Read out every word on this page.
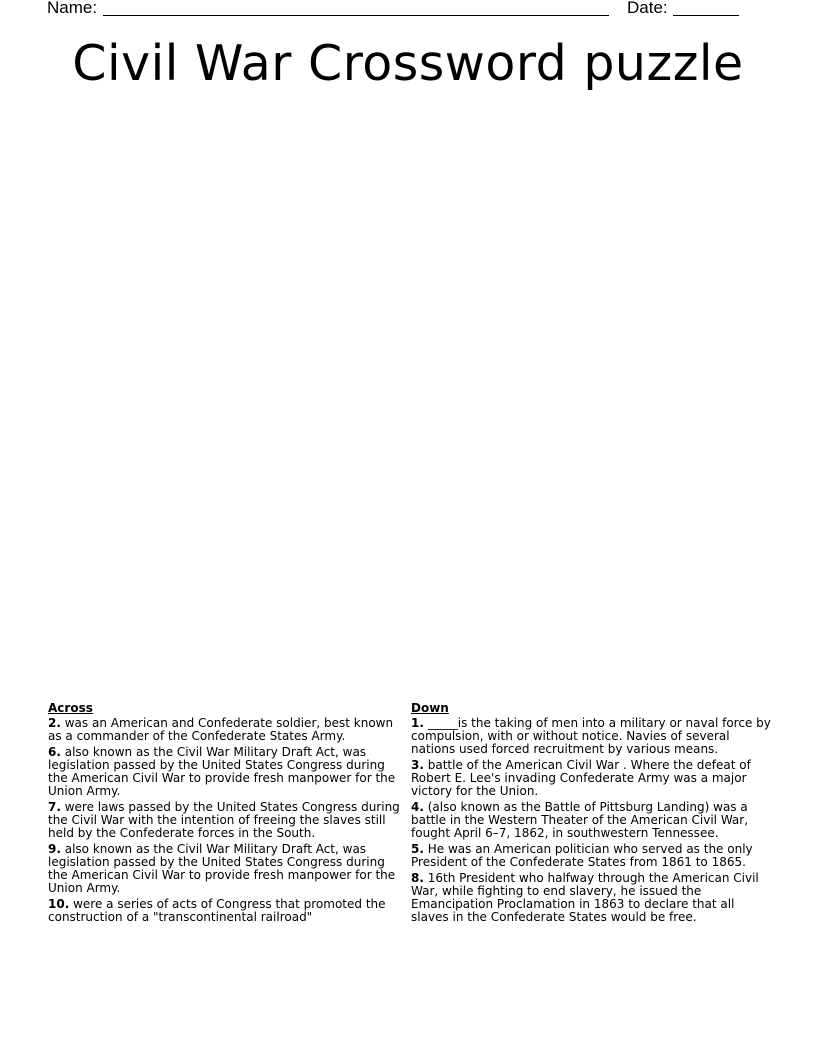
Name:	Date:
Civil War Crossword puzzle
Across
2. was an American and Confederate soldier, best known as a commander of the Confederate States Army.
6. also known as the Civil War Military Draft Act, was legislation passed by the United States Congress during the American Civil War to provide fresh manpower for the Union Army.
7. were laws passed by the United States Congress during the Civil War with the intention of freeing the slaves still held by the Confederate forces in the South.
9. also known as the Civil War Military Draft Act, was legislation passed by the United States Congress during the American Civil War to provide fresh manpower for the Union Army.
10. were a series of acts of Congress that promoted the construction of a "transcontinental railroad"
Down
1. _____is the taking of men into a military or naval force by compulsion, with or without notice. Navies of several nations used forced recruitment by various means.
3. battle of the American Civil War . Where the defeat of Robert E. Lee's invading Confederate Army was a major victory for the Union.
4. (also known as the Battle of Pittsburg Landing) was a battle in the Western Theater of the American Civil War, fought April 6–7, 1862, in southwestern Tennessee.
5. He was an American politician who served as the only President of the Confederate States from 1861 to 1865.
8. 16th President who halfway through the American Civil War, while fighting to end slavery, he issued the Emancipation Proclamation in 1863 to declare that all slaves in the Confederate States would be free.
